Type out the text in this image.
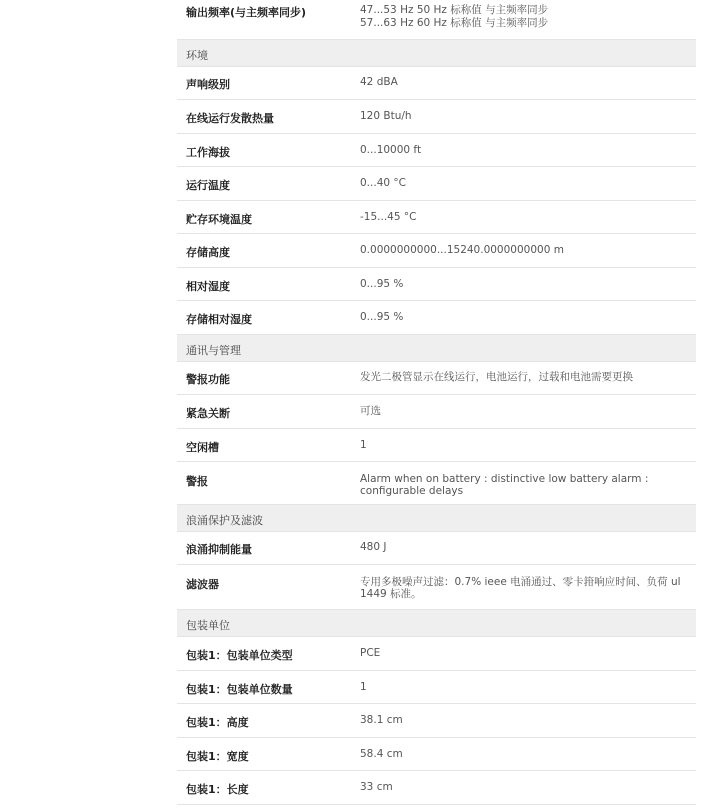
输出频率(与主频率同步)	47...53 Hz 50 Hz 标称值 与主频率同步
57...63 Hz 60 Hz 标称值 与主频率同步
环境
声响级别	42 dBA
在线运行发散热量	120 Btu/h
工作海拔	0...10000 ft
运行温度	0...40 °C
贮存环境温度	-15...45 °C
存储高度	0.0000000000...15240.0000000000 m
相对湿度	0...95 %
存储相对湿度	0...95 %
通讯与管理
警报功能	发光二极管显示在线运行，电池运行，过载和电池需要更换
紧急关断	可选
空闲槽	1
警报	Alarm when on battery : distinctive low battery alarm : configurable delays
浪涌保护及滤波
浪涌抑制能量	480 J
滤波器	专用多极噪声过滤：0.7% ieee 电涌通过、零卡箝响应时间、负荷 ul 1449 标准。
包装单位
包装1：包装单位类型	PCE
包装1：包装单位数量	1
包装1：高度	38.1 cm
包装1：宽度	58.4 cm
包装1：长度	33 cm
